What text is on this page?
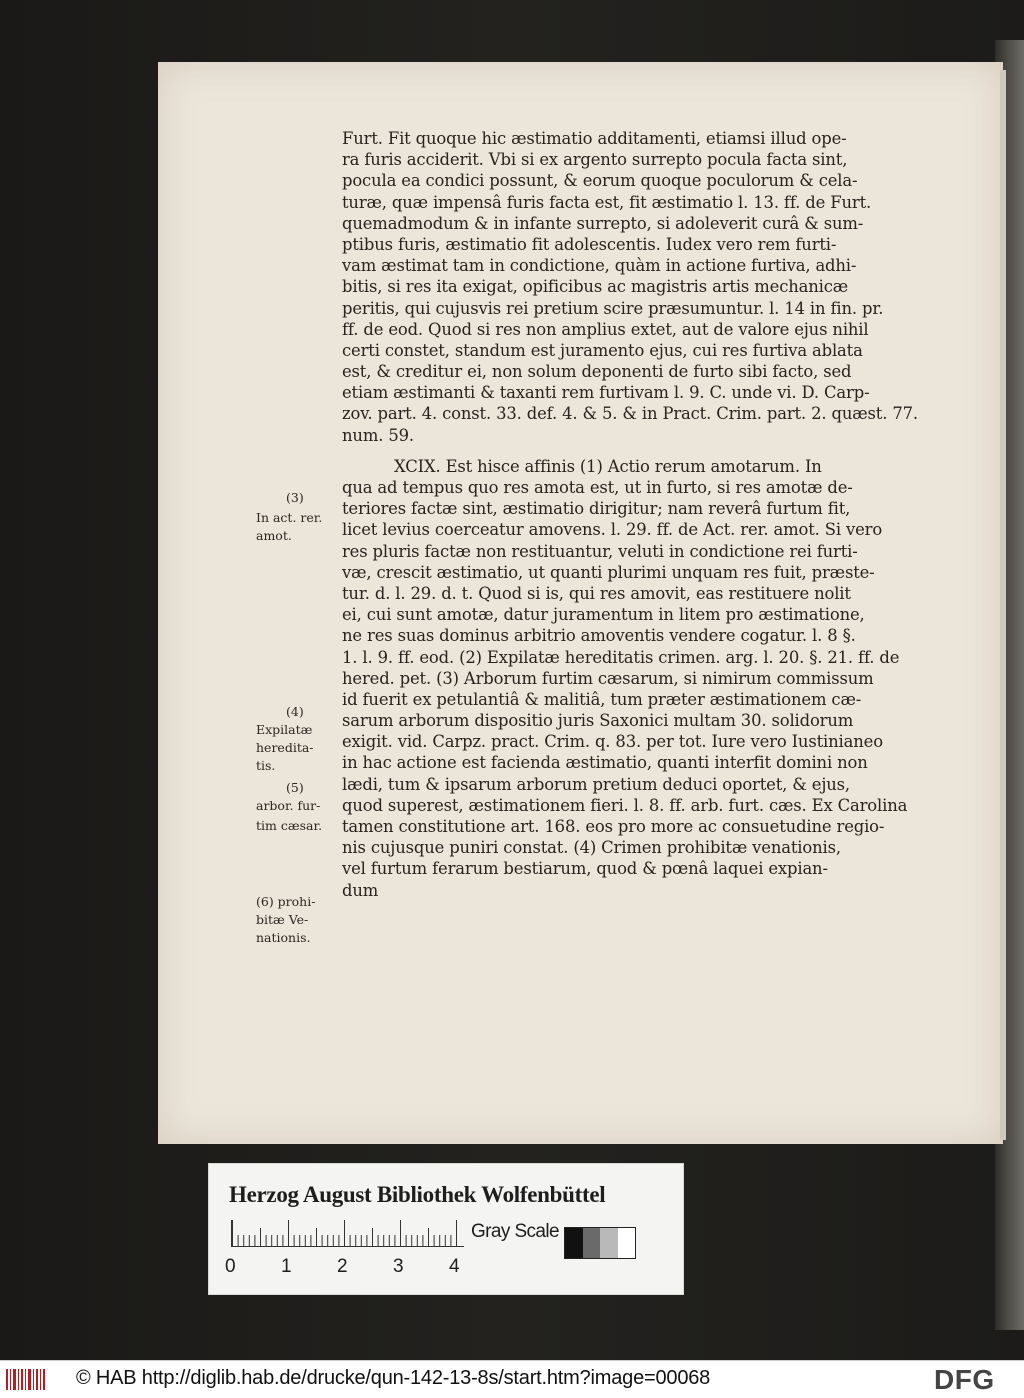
Furt. Fit quoque hic æstimatio additamenti, etiamsi illud ope-
ra furis acciderit. Vbi si ex argento surrepto pocula facta sint,
pocula ea condici possunt, & eorum quoque poculorum & cela-
turæ, quæ impensâ furis facta est, fit æstimatio l. 13. ff. de Furt.
quemadmodum & in infante surrepto, si adoleverit curâ & sum-
ptibus furis, æstimatio fit adolescentis. Iudex vero rem furti-
vam æstimat tam in condictione, quàm in actione furtiva, adhi-
bitis, si res ita exigat, opificibus ac magistris artis mechanicæ
peritis, qui cujusvis rei pretium scire præsumuntur. l. 14 in fin. pr.
ff. de eod. Quod si res non amplius extet, aut de valore ejus nihil
certi constet, standum est juramento ejus, cui res furtiva ablata
est, & creditur ei, non solum deponenti de furto sibi facto, sed
etiam æstimanti & taxanti rem furtivam l. 9. C. unde vi. D. Carp-
zov. part. 4. const. 33. def. 4. & 5. & in Pract. Crim. part. 2. quæst. 77.
num. 59.
XCIX. Est hisce affinis (1) Actio rerum amotarum. In
qua ad tempus quo res amota est, ut in furto, si res amotæ de-
teriores factæ sint, æstimatio dirigitur; nam reverâ furtum fit,
licet levius coerceatur amovens. l. 29. ff. de Act. rer. amot. Si vero
res pluris factæ non restituantur, veluti in condictione rei furti-
væ, crescit æstimatio, ut quanti plurimi unquam res fuit, præste-
tur. d. l. 29. d. t. Quod si is, qui res amovit, eas restituere nolit
ei, cui sunt amotæ, datur juramentum in litem pro æstimatione,
ne res suas dominus arbitrio amoventis vendere cogatur. l. 8 §.
1. l. 9. ff. eod. (2) Expilatæ hereditatis crimen. arg. l. 20. §. 21. ff. de
hered. pet. (3) Arborum furtim cæsarum, si nimirum commissum
id fuerit ex petulantiâ & malitiâ, tum præter æstimationem cæ-
sarum arborum dispositio juris Saxonici multam 30. solidorum
exigit. vid. Carpz. pract. Crim. q. 83. per tot. Iure vero Iustinianeo
in hac actione est facienda æstimatio, quanti interfit domini non
lædi, tum & ipsarum arborum pretium deduci oportet, & ejus,
quod superest, æstimationem fieri. l. 8. ff. arb. furt. cæs. Ex Carolina
tamen constitutione art. 168. eos pro more ac consuetudine regio-
nis cujusque puniri constat. (4) Crimen prohibitæ venationis,
vel furtum ferarum bestiarum, quod & pœnâ laquei expian-
dum
(3)
In act. rer.
amot.
(4)
Expilatæ
heredita-
tis.
(5)
arbor. fur-
tim cæsar.
(6) prohi-
bitæ Ve-
nationis.
Herzog August Bibliothek Wolfenbüttel
Gray Scale
0 1 2 3 4
© HAB http://diglib.hab.de/drucke/qun-142-13-8s/start.htm?image=00068	DFG
